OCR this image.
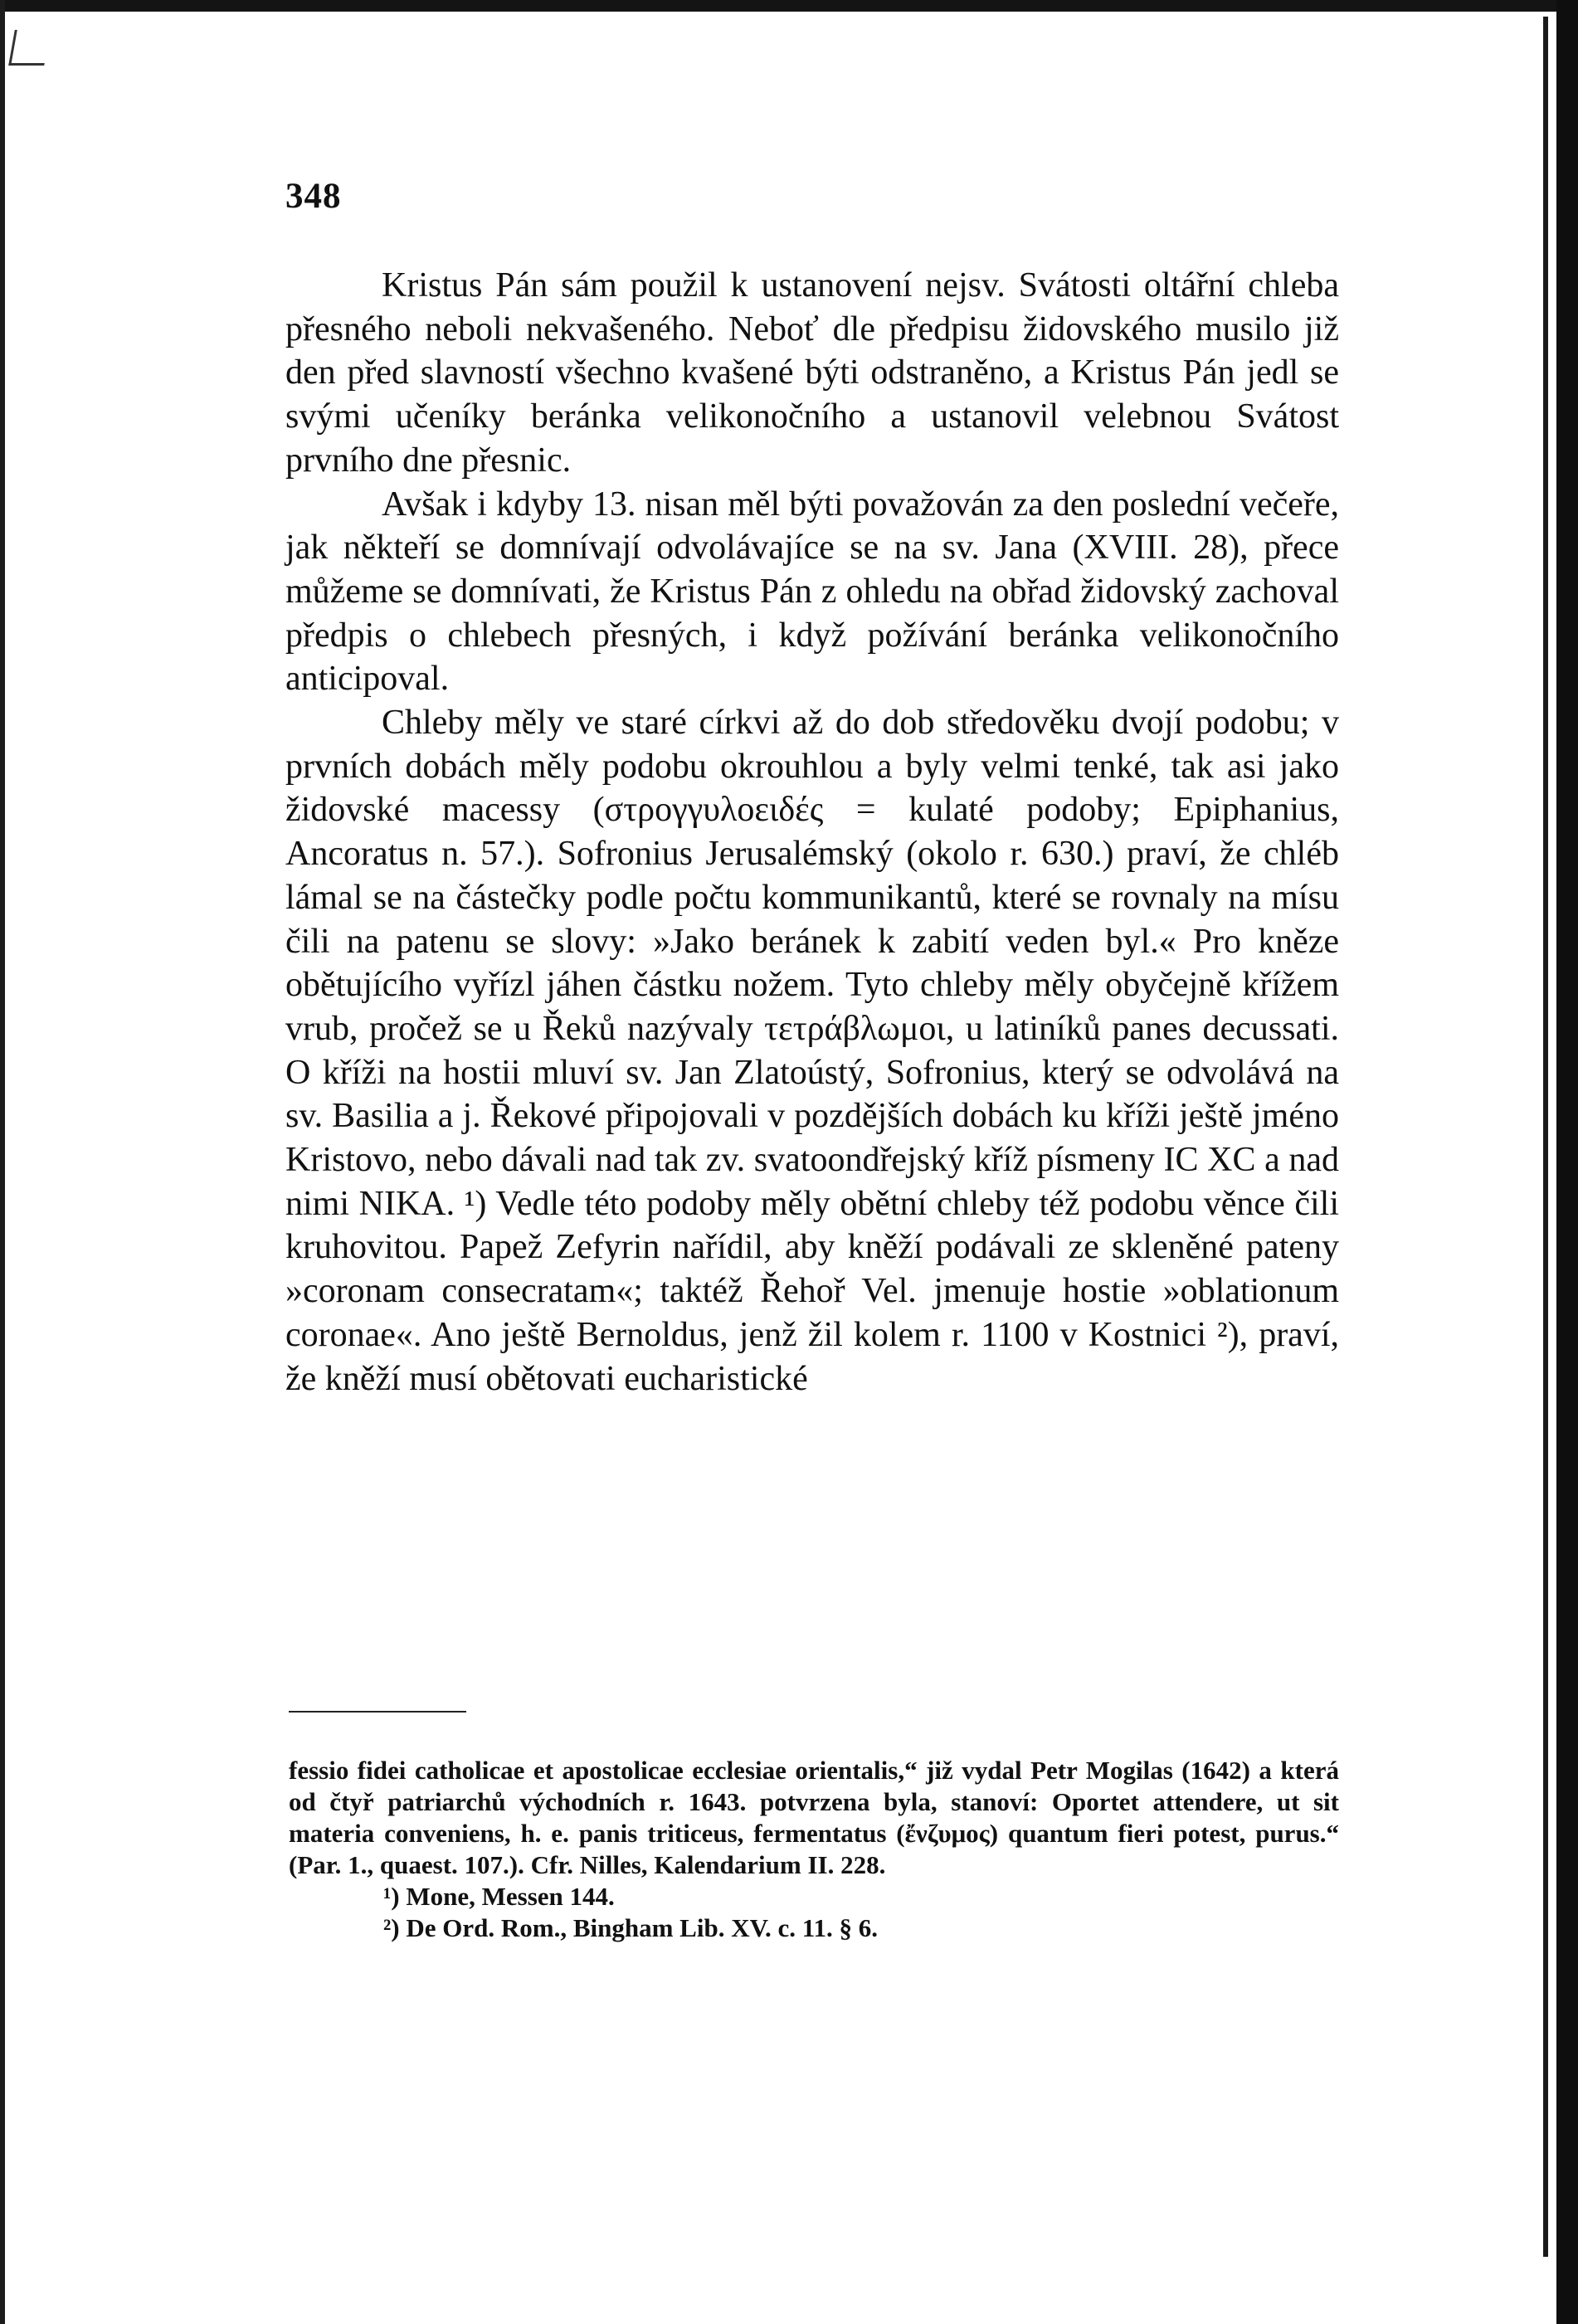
348

Kristus Pán sám použil k ustanovení nejsv. Svátosti oltářní chleba přesného neboli nekvašeného. Neboť dle předpisu židovského musilo již den před slavností všechno kvašené býti odstraněno, a Kristus Pán jedl se svými učeníky beránka velikonočního a ustanovil velebnou Svátost prvního dne přesnic.

Avšak i kdyby 13. nisan měl býti považován za den poslední večeře, jak někteří se domnívají odvolávajíce se na sv. Jana (XVIII. 28), přece můžeme se domnívati, že Kristus Pán z ohledu na obřad židovský zachoval předpis o chlebech přesných, i když požívání beránka velikonočního anticipoval.

Chleby měly ve staré církvi až do dob středověku dvojí podobu; v prvních dobách měly podobu okrouhlou a byly velmi tenké, tak asi jako židovské macessy (στρογγυλοειδές = kulaté podoby; Epiphanius, Ancoratus n. 57.). Sofronius Jerusalémský (okolo r. 630.) praví, že chléb lámal se na částečky podle počtu kommunikantů, které se rovnaly na mísu čili na patenu se slovy: »Jako beránek k zabití veden byl.« Pro kněze obětujícího vyřízl jáhen částku nožem. Tyto chleby měly obyčejně křížem vrub, pročež se u Řeků nazývaly τετράβλωμοι, u latiníků panes decussati. O kříži na hostii mluví sv. Jan Zlatoústý, Sofronius, který se odvolává na sv. Basilia a j. Řekové připojovali v pozdějších dobách ku kříži ještě jméno Kristovo, nebo dávali nad tak zv. svatoondřejský kříž písmeny IC XC a nad nimi NIKA. ¹) Vedle této podoby měly obětní chleby též podobu věnce čili kruhovitou. Papež Zefyrin nařídil, aby kněží podávali ze skleněné pateny »coronam consecratam«; taktéž Řehoř Vel. jmenuje hostie »oblationum coronae«. Ano ještě Bernoldus, jenž žil kolem r. 1100 v Kostnici ²), praví, že kněží musí obětovati eucharistické

fessio fidei catholicae et apostolicae ecclesiae orientalis,“ již vydal Petr Mogilas (1642) a která od čtyř patriarchů východních r. 1643. potvrzena byla, stanoví: Oportet attendere, ut sit materia conveniens, h. e. panis triticeus, fermentatus (ἔνζυμος) quantum fieri potest, purus.“ (Par. 1., quaest. 107.). Cfr. Nilles, Kalendarium II. 228.

¹) Mone, Messen 144.

²) De Ord. Rom., Bingham Lib. XV. c. 11. § 6.
